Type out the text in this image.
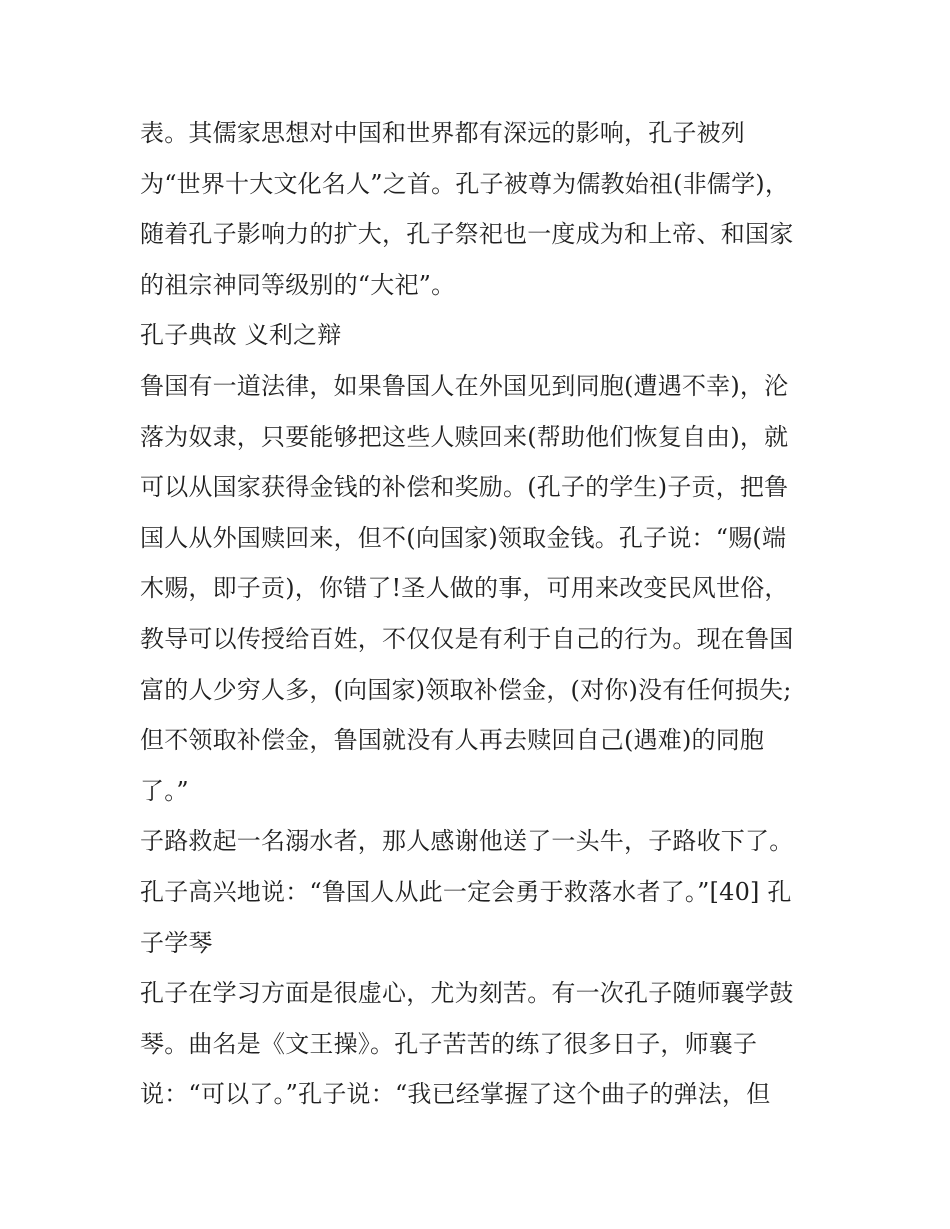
表。其儒家思想对中国和世界都有深远的影响，孔子被列
为“世界十大文化名人”之首。孔子被尊为儒教始祖(非儒学)，
随着孔子影响力的扩大，孔子祭祀也一度成为和上帝、和国家
的祖宗神同等级别的“大祀”。
孔子典故 义利之辩
鲁国有一道法律，如果鲁国人在外国见到同胞(遭遇不幸)，沦
落为奴隶，只要能够把这些人赎回来(帮助他们恢复自由)，就
可以从国家获得金钱的补偿和奖励。(孔子的学生)子贡，把鲁
国人从外国赎回来，但不(向国家)领取金钱。孔子说：“赐(端
木赐，即子贡)，你错了!圣人做的事，可用来改变民风世俗，
教导可以传授给百姓，不仅仅是有利于自己的行为。现在鲁国
富的人少穷人多，(向国家)领取补偿金，(对你)没有任何损失;
但不领取补偿金，鲁国就没有人再去赎回自己(遇难)的同胞
了。”
子路救起一名溺水者，那人感谢他送了一头牛，子路收下了。
孔子高兴地说：“鲁国人从此一定会勇于救落水者了。”[40] 孔
子学琴
孔子在学习方面是很虚心，尤为刻苦。有一次孔子随师襄学鼓
琴。曲名是《文王操》。孔子苦苦的练了很多日子，师襄子
说：“可以了。”孔子说：“我已经掌握了这个曲子的弹法，但
